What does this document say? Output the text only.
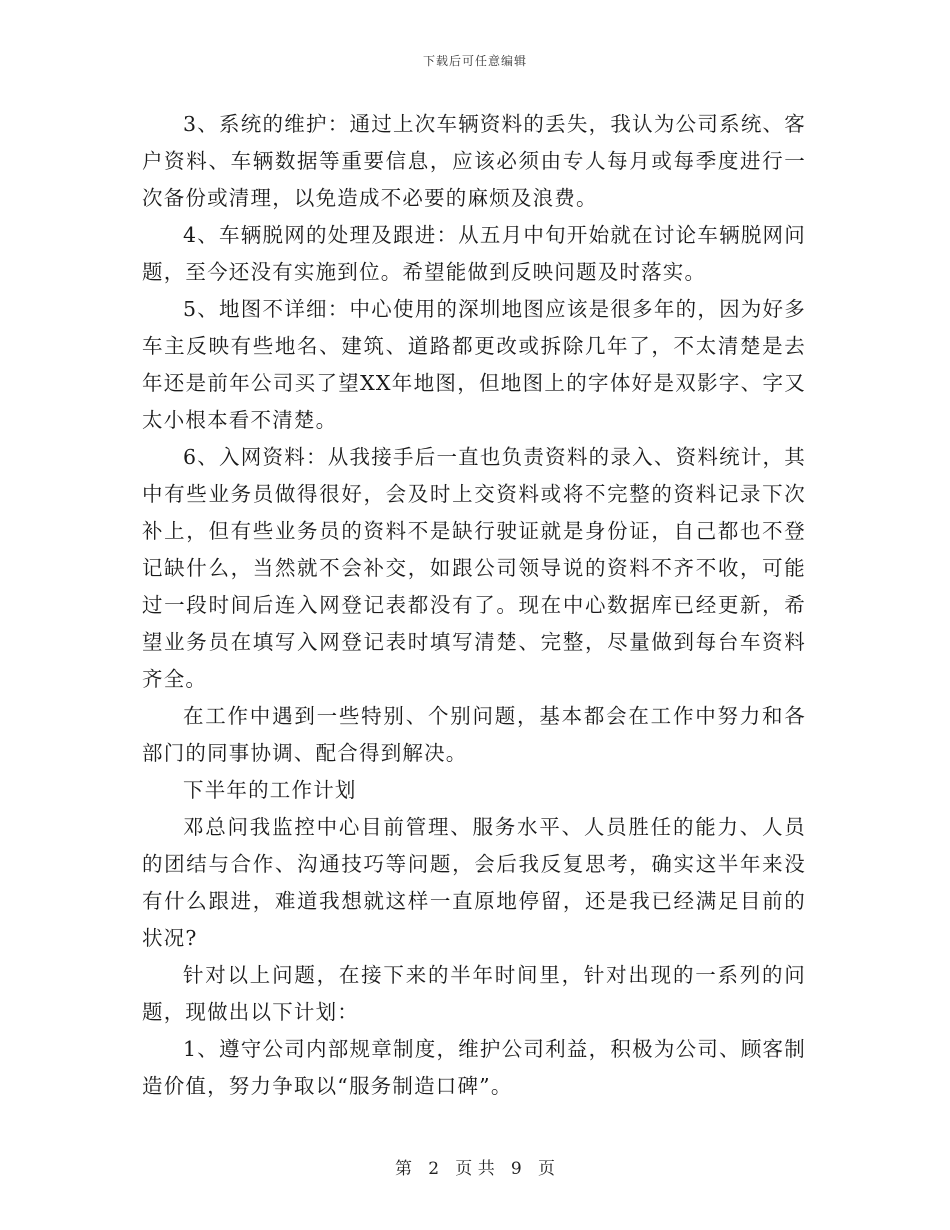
下载后可任意编辑

3、系统的维护：通过上次车辆资料的丢失，我认为公司系统、客户资料、车辆数据等重要信息，应该必须由专人每月或每季度进行一次备份或清理，以免造成不必要的麻烦及浪费。

4、车辆脱网的处理及跟进：从五月中旬开始就在讨论车辆脱网问题，至今还没有实施到位。希望能做到反映问题及时落实。

5、地图不详细：中心使用的深圳地图应该是很多年的，因为好多车主反映有些地名、建筑、道路都更改或拆除几年了，不太清楚是去年还是前年公司买了望XX年地图，但地图上的字体好是双影字、字又太小根本看不清楚。

6、入网资料：从我接手后一直也负责资料的录入、资料统计，其中有些业务员做得很好，会及时上交资料或将不完整的资料记录下次补上，但有些业务员的资料不是缺行驶证就是身份证，自己都也不登记缺什么，当然就不会补交，如跟公司领导说的资料不齐不收，可能过一段时间后连入网登记表都没有了。现在中心数据库已经更新，希望业务员在填写入网登记表时填写清楚、完整，尽量做到每台车资料齐全。

在工作中遇到一些特别、个别问题，基本都会在工作中努力和各部门的同事协调、配合得到解决。

下半年的工作计划

邓总问我监控中心目前管理、服务水平、人员胜任的能力、人员的团结与合作、沟通技巧等问题，会后我反复思考，确实这半年来没有什么跟进，难道我想就这样一直原地停留，还是我已经满足目前的状况?

针对以上问题，在接下来的半年时间里，针对出现的一系列的问题，现做出以下计划：

1、遵守公司内部规章制度，维护公司利益，积极为公司、顾客制造价值，努力争取以“服务制造口碑”。

第 2 页 共 9 页
